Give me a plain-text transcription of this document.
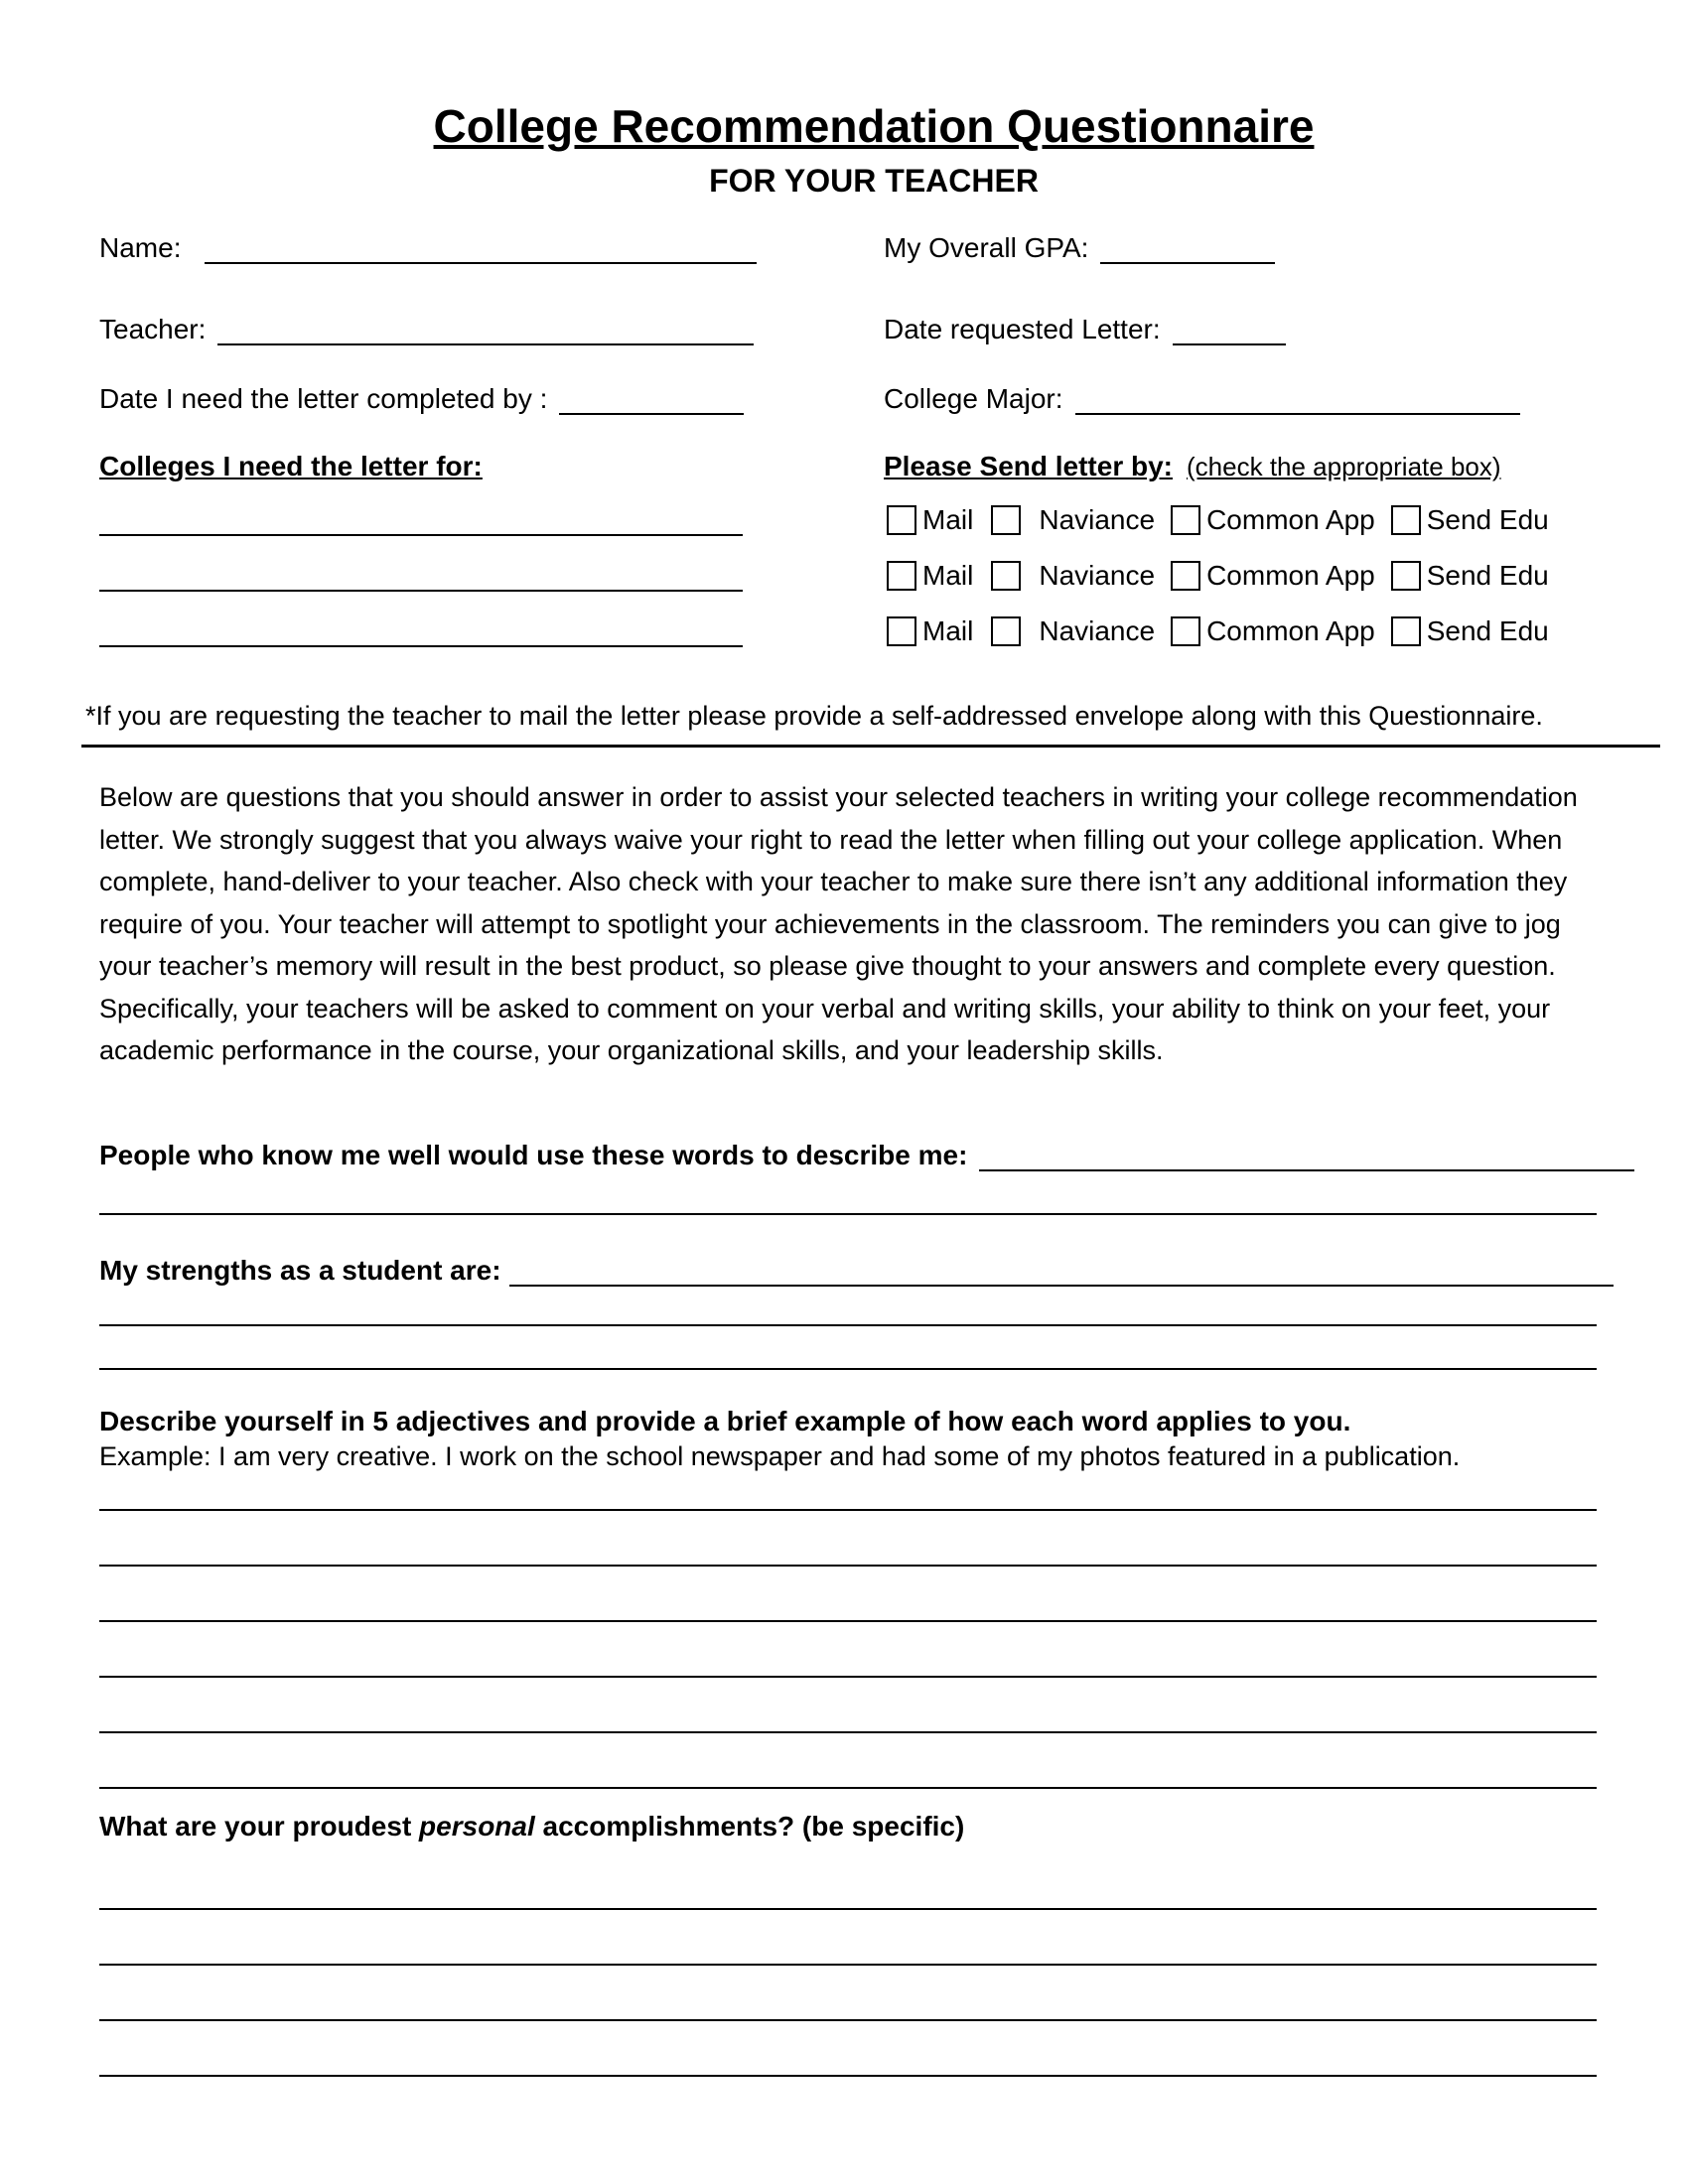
College Recommendation Questionnaire
FOR YOUR TEACHER
Name:	My Overall GPA:
Teacher:	Date requested Letter:
Date I need the letter completed by :	College Major:
Colleges I need the letter for:	Please Send letter by: (check the appropriate box)
Mail Naviance Common App Send Edu
Mail Naviance Common App Send Edu
Mail Naviance Common App Send Edu
*If you are requesting the teacher to mail the letter please provide a self-addressed envelope along with this Questionnaire.
Below are questions that you should answer in order to assist your selected teachers in writing your college recommendation letter. We strongly suggest that you always waive your right to read the letter when filling out your college application. When complete, hand-deliver to your teacher. Also check with your teacher to make sure there isn’t any additional information they require of you. Your teacher will attempt to spotlight your achievements in the classroom. The reminders you can give to jog your teacher’s memory will result in the best product, so please give thought to your answers and complete every question. Specifically, your teachers will be asked to comment on your verbal and writing skills, your ability to think on your feet, your academic performance in the course, your organizational skills, and your leadership skills.
People who know me well would use these words to describe me:
My strengths as a student are:
Describe yourself in 5 adjectives and provide a brief example of how each word applies to you.
Example: I am very creative. I work on the school newspaper and had some of my photos featured in a publication.
What are your proudest personal accomplishments? (be specific)
